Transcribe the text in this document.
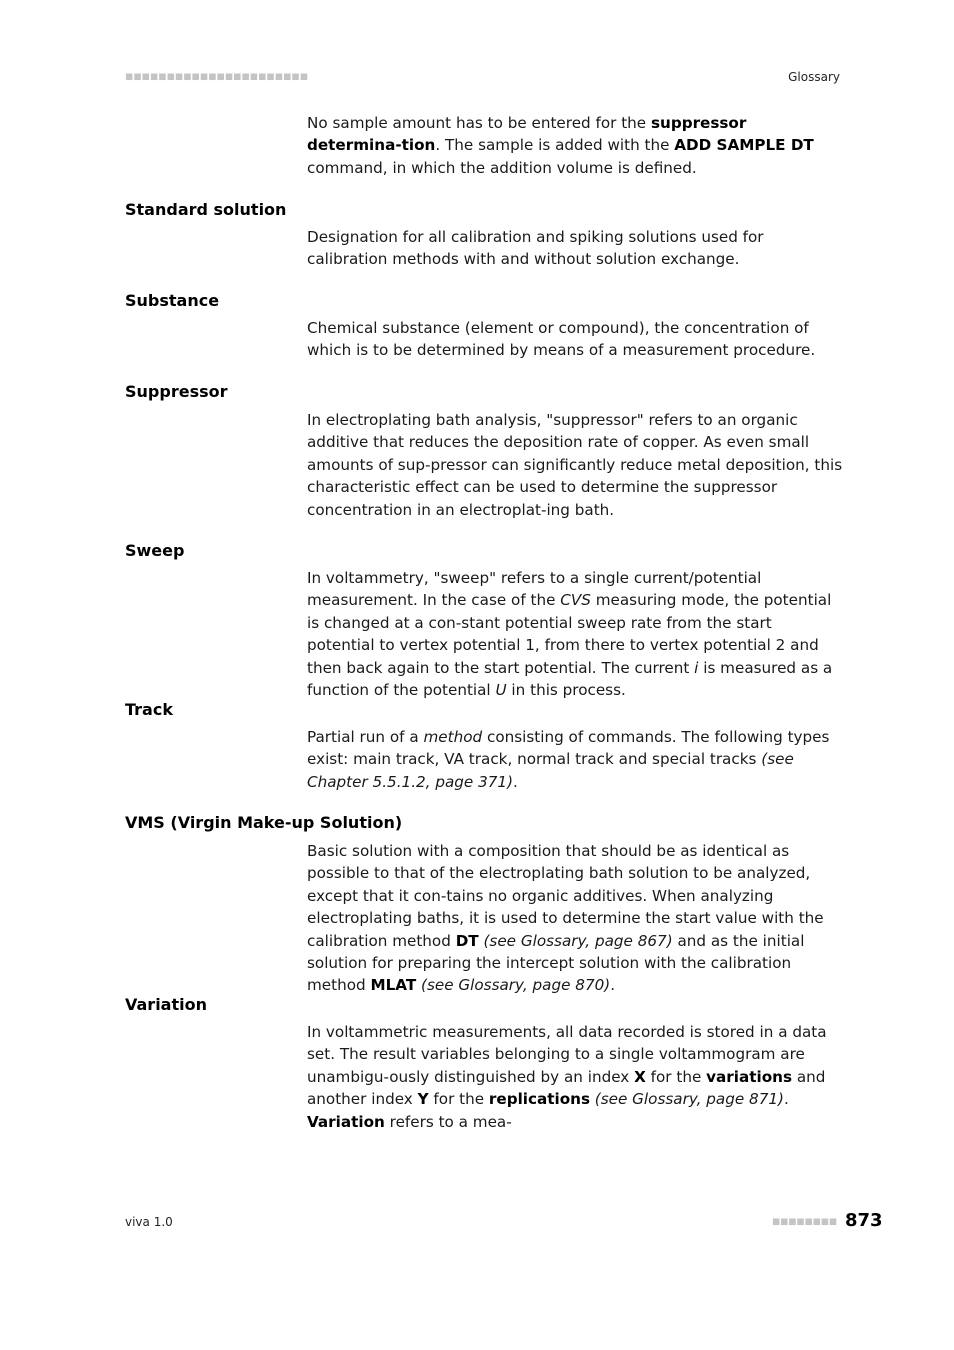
■■■■■■■■■■■■■■■■■■■■■■	Glossary

No sample amount has to be entered for the suppressor determina-tion. The sample is added with the ADD SAMPLE DT command, in which the addition volume is defined.

Standard solution

Designation for all calibration and spiking solutions used for calibration methods with and without solution exchange.

Substance

Chemical substance (element or compound), the concentration of which is to be determined by means of a measurement procedure.

Suppressor

In electroplating bath analysis, "suppressor" refers to an organic additive that reduces the deposition rate of copper. As even small amounts of sup-pressor can significantly reduce metal deposition, this characteristic effect can be used to determine the suppressor concentration in an electroplat-ing bath.

Sweep

In voltammetry, "sweep" refers to a single current/potential measurement. In the case of the CVS measuring mode, the potential is changed at a con-stant potential sweep rate from the start potential to vertex potential 1, from there to vertex potential 2 and then back again to the start potential. The current i is measured as a function of the potential U in this process.

Track

Partial run of a method consisting of commands. The following types exist: main track, VA track, normal track and special tracks (see Chapter 5.5.1.2, page 371).

VMS (Virgin Make-up Solution)

Basic solution with a composition that should be as identical as possible to that of the electroplating bath solution to be analyzed, except that it con-tains no organic additives. When analyzing electroplating baths, it is used to determine the start value with the calibration method DT (see Glossary, page 867) and as the initial solution for preparing the intercept solution with the calibration method MLAT (see Glossary, page 870).

Variation

In voltammetric measurements, all data recorded is stored in a data set. The result variables belonging to a single voltammogram are unambigu-ously distinguished by an index X for the variations and another index Y for the replications (see Glossary, page 871). Variation refers to a mea-

viva 1.0	■■■■■■■■ 873
